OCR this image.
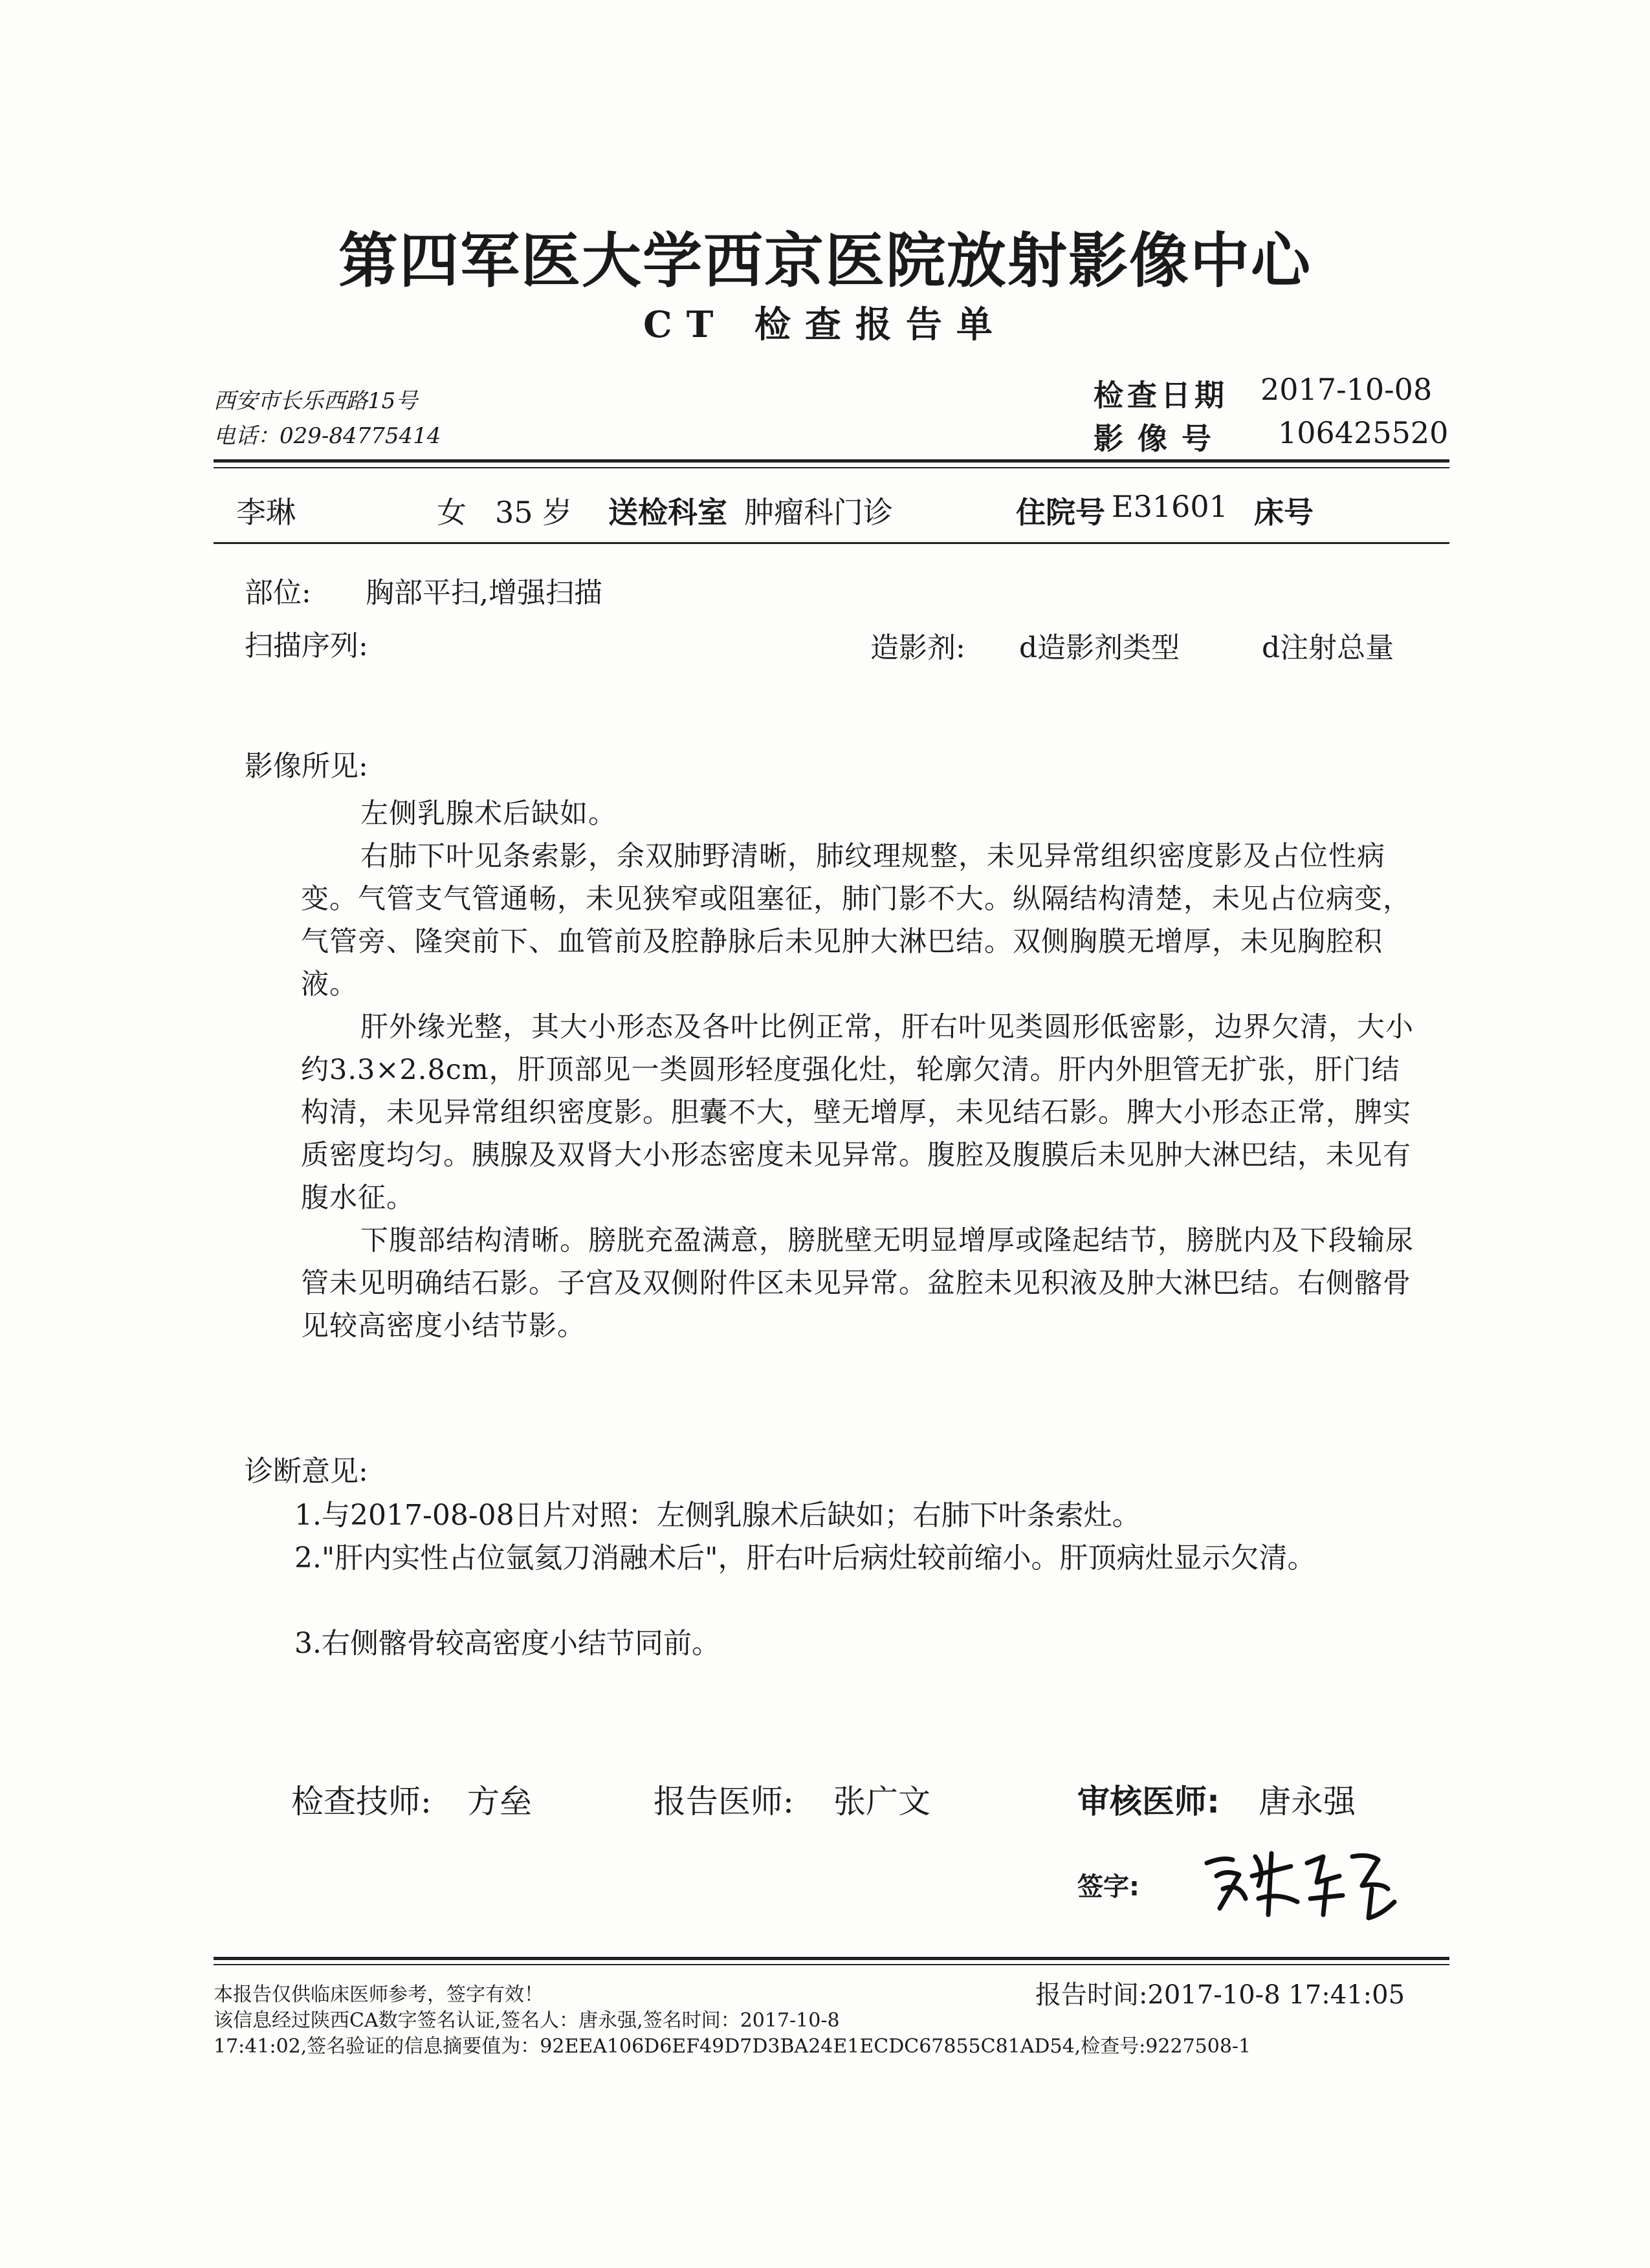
第四军医大学西京医院放射影像中心
CT 检查报告单
西安市长乐西路15号
电话：029-84775414
检查日期 2017-10-08
影像号 106425520
李琳	女 35 岁 送检科室 肿瘤科门诊	住院号 E31601 床号
部位: 胸部平扫,增强扫描
扫描序列:	造影剂: d造影剂类型	d注射总量
影像所见:
左侧乳腺术后缺如。
右肺下叶见条索影，余双肺野清晰，肺纹理规整，未见异常组织密度影及占位性病变。气管支气管通畅，未见狭窄或阻塞征，肺门影不大。纵隔结构清楚，未见占位病变，气管旁、隆突前下、血管前及腔静脉后未见肿大淋巴结。双侧胸膜无增厚，未见胸腔积液。
肝外缘光整，其大小形态及各叶比例正常，肝右叶见类圆形低密影，边界欠清，大小约3.3×2.8cm，肝顶部见一类圆形轻度强化灶，轮廓欠清。肝内外胆管无扩张，肝门结构清，未见异常组织密度影。胆囊不大，壁无增厚，未见结石影。脾大小形态正常，脾实质密度均匀。胰腺及双肾大小形态密度未见异常。腹腔及腹膜后未见肿大淋巴结，未见有腹水征。
下腹部结构清晰。膀胱充盈满意，膀胱壁无明显增厚或隆起结节，膀胱内及下段输尿管未见明确结石影。子宫及双侧附件区未见异常。盆腔未见积液及肿大淋巴结。右侧髂骨见较高密度小结节影。
诊断意见:
1.与2017-08-08日片对照：左侧乳腺术后缺如；右肺下叶条索灶。
2."肝内实性占位氩氦刀消融术后"，肝右叶后病灶较前缩小。肝顶病灶显示欠清。
3.右侧髂骨较高密度小结节同前。
检查技师: 方垒	报告医师: 张广文	审核医师: 唐永强
签字:
本报告仅供临床医师参考，签字有效！	报告时间:2017-10-8 17:41:05
该信息经过陕西CA数字签名认证,签名人：唐永强,签名时间：2017-10-8
17:41:02,签名验证的信息摘要值为：92EEA106D6EF49D7D3BA24E1ECDC67855C81AD54,检查号:9227508-1
